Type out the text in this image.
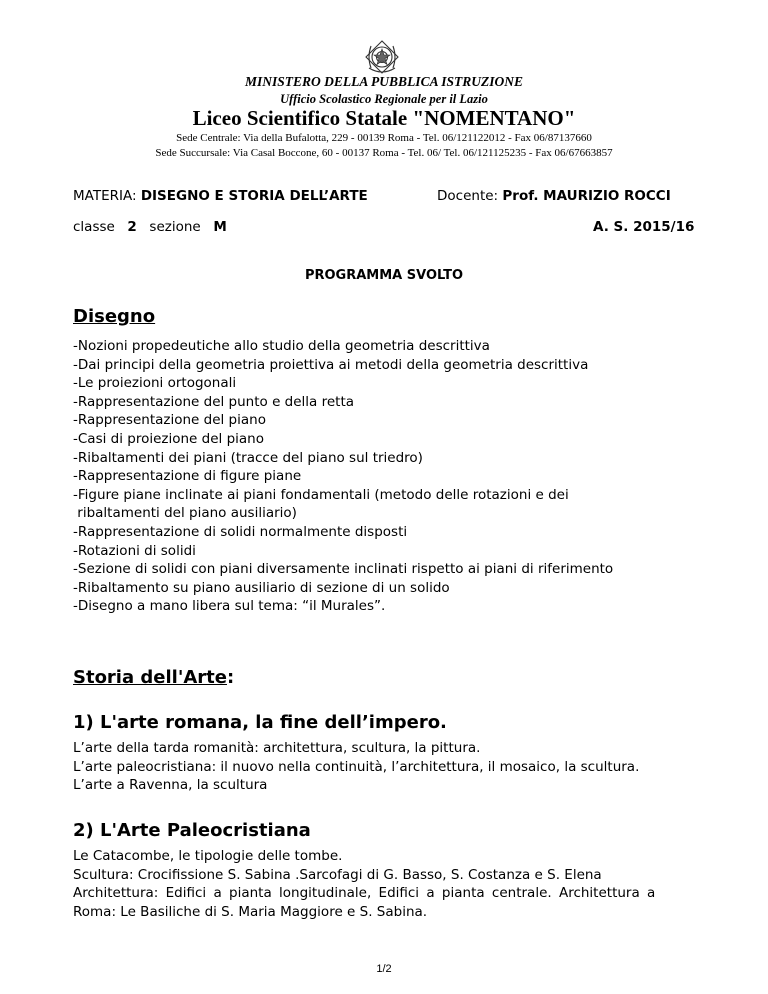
MINISTERO DELLA PUBBLICA ISTRUZIONE
Ufficio Scolastico Regionale per il Lazio
Liceo Scientifico Statale "NOMENTANO"
Sede Centrale: Via della Bufalotta, 229 - 00139 Roma - Tel. 06/121122012 - Fax 06/87137660
Sede Succursale: Via Casal Boccone, 60 - 00137 Roma - Tel. 06/ Tel. 06/121125235 - Fax 06/67663857
MATERIA: DISEGNO E STORIA DELL’ARTE	Docente: Prof. MAURIZIO ROCCI
classe 2 sezione M	A. S. 2015/16
PROGRAMMA SVOLTO
Disegno
-Nozioni propedeutiche allo studio della geometria descrittiva
-Dai principi della geometria proiettiva ai metodi della geometria descrittiva
-Le proiezioni ortogonali
-Rappresentazione del punto e della retta
-Rappresentazione del piano
-Casi di proiezione del piano
-Ribaltamenti dei piani (tracce del piano sul triedro)
-Rappresentazione di figure piane
-Figure piane inclinate ai piani fondamentali (metodo delle rotazioni e dei
ribaltamenti del piano ausiliario)
-Rappresentazione di solidi normalmente disposti
-Rotazioni di solidi
-Sezione di solidi con piani diversamente inclinati rispetto ai piani di riferimento
-Ribaltamento su piano ausiliario di sezione di un solido
-Disegno a mano libera sul tema: “il Murales”.
Storia dell'Arte:
1) L'arte romana, la fine dell’impero.
L’arte della tarda romanità: architettura, scultura, la pittura.
L’arte paleocristiana: il nuovo nella continuità, l’architettura, il mosaico, la scultura.
L’arte a Ravenna, la scultura
2) L'Arte Paleocristiana
Le Catacombe, le tipologie delle tombe.
Scultura: Crocifissione S. Sabina .Sarcofagi di G. Basso, S. Costanza e S. Elena
Architettura: Edifici a pianta longitudinale, Edifici a pianta centrale. Architettura a
Roma: Le Basiliche di S. Maria Maggiore e S. Sabina.
1/2
